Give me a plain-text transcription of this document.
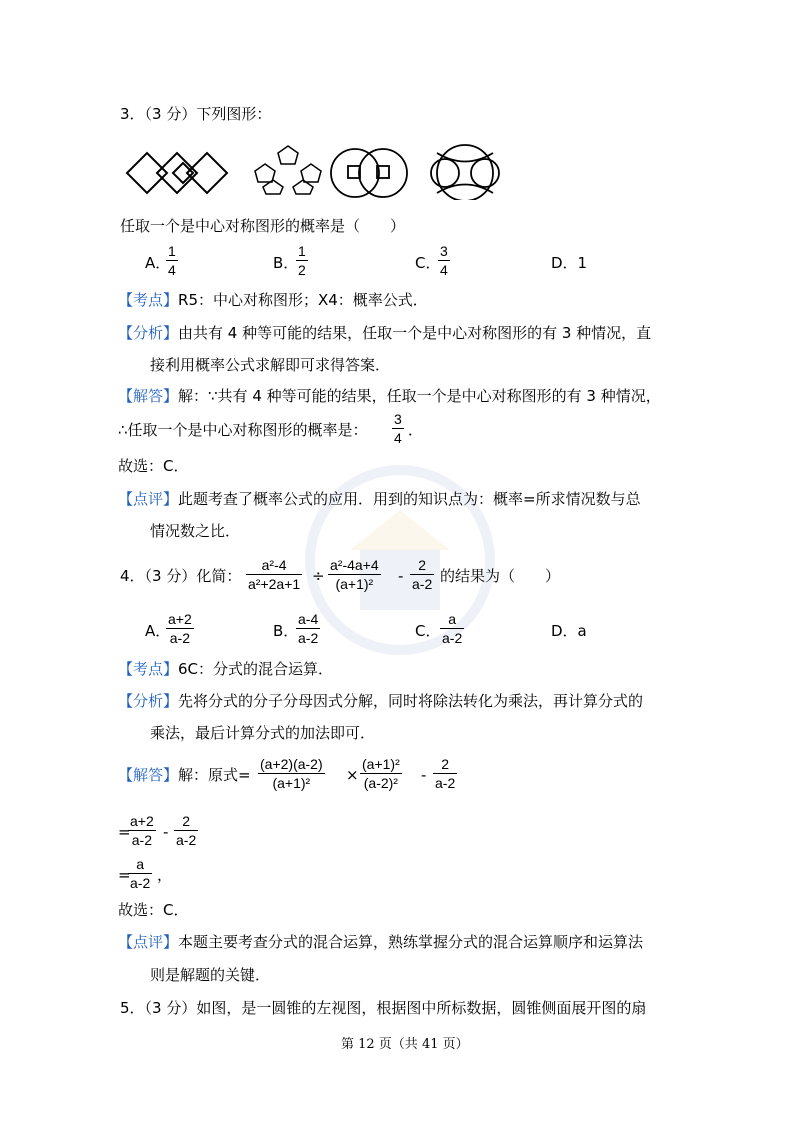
3．（3 分）下列图形：
任取一个是中心对称图形的概率是（　　）
A．
$\frac{1}{4}$	B．
$\frac{1}{2}$	C．
$\frac{3}{4}$	D．1
【考点】R5：中心对称图形；X4：概率公式．
【分析】由共有 4 种等可能的结果，任取一个是中心对称图形的有 3 种情况，直
接利用概率公式求解即可求得答案．
【解答】解：∵共有 4 种等可能的结果，任取一个是中心对称图形的有 3 种情况，
∴任取一个是中心对称图形的概率是： $\frac{3}{4}$ ．
故选：C．
【点评】此题考查了概率公式的应用．用到的知识点为：概率=所求情况数与总
情况数之比．
4．（3 分）化简： $\frac{\text{a²-4}}{\text{a²+2a+1}} \div \frac{\text{a²-4a+4}}{\text{(a+1)²}} - \frac{2}{a-2}$ 的结果为（　　）
A．
$\frac{a+2}{a-2}$	B．
$\frac{a-4}{a-2}$	C． $\frac{a}{a-2}$	D．a
【考点】6C：分式的混合运算．
【分析】先将分式的分子分母因式分解，同时将除法转化为乘法，再计算分式的
乘法，最后计算分式的加法即可．
【解答】解：原式= $\frac{(a+2)(a-2)}{\text{(a+1)²}} \times \frac{\text{(a+1)²}}{\text{(a-2)²}} - \frac{2}{a-2}$
=
$\frac{a+2}{a-2} - \frac{2}{a-2}$
=
$\frac{a}{a-2}$ ，
故选：C．
【点评】本题主要考查分式的混合运算，熟练掌握分式的混合运算顺序和运算法
则是解题的关键．
5．（3 分）如图，是一圆锥的左视图，根据图中所标数据，圆锥侧面展开图的扇
第 12 页（共 41 页）
